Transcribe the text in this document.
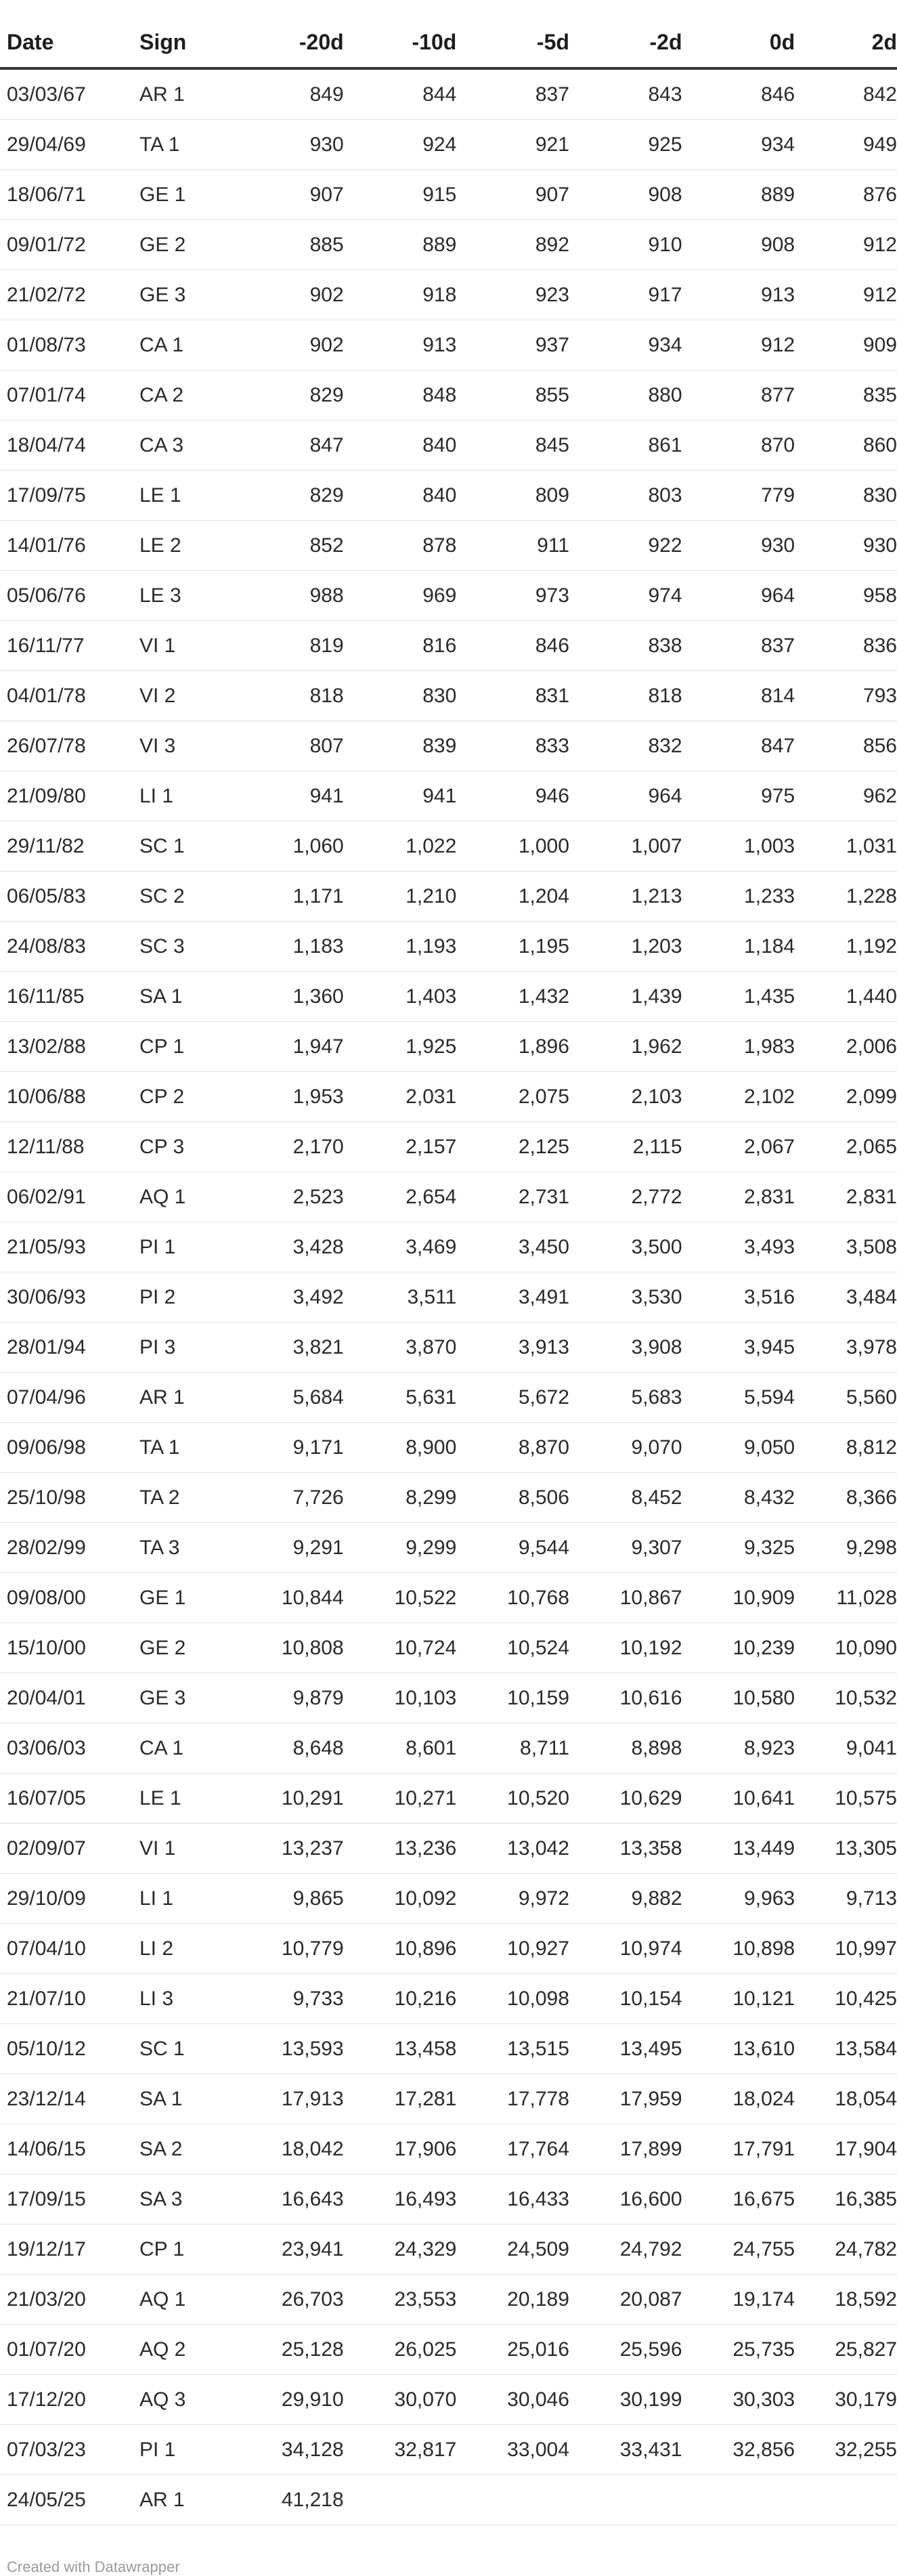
Date	Sign	-20d	-10d	-5d	-2d	0d	2d
03/03/67	AR 1	849	844	837	843	846	842
29/04/69	TA 1	930	924	921	925	934	949
18/06/71	GE 1	907	915	907	908	889	876
09/01/72	GE 2	885	889	892	910	908	912
21/02/72	GE 3	902	918	923	917	913	912
01/08/73	CA 1	902	913	937	934	912	909
07/01/74	CA 2	829	848	855	880	877	835
18/04/74	CA 3	847	840	845	861	870	860
17/09/75	LE 1	829	840	809	803	779	830
14/01/76	LE 2	852	878	911	922	930	930
05/06/76	LE 3	988	969	973	974	964	958
16/11/77	VI 1	819	816	846	838	837	836
04/01/78	VI 2	818	830	831	818	814	793
26/07/78	VI 3	807	839	833	832	847	856
21/09/80	LI 1	941	941	946	964	975	962
29/11/82	SC 1	1,060	1,022	1,000	1,007	1,003	1,031
06/05/83	SC 2	1,171	1,210	1,204	1,213	1,233	1,228
24/08/83	SC 3	1,183	1,193	1,195	1,203	1,184	1,192
16/11/85	SA 1	1,360	1,403	1,432	1,439	1,435	1,440
13/02/88	CP 1	1,947	1,925	1,896	1,962	1,983	2,006
10/06/88	CP 2	1,953	2,031	2,075	2,103	2,102	2,099
12/11/88	CP 3	2,170	2,157	2,125	2,115	2,067	2,065
06/02/91	AQ 1	2,523	2,654	2,731	2,772	2,831	2,831
21/05/93	PI 1	3,428	3,469	3,450	3,500	3,493	3,508
30/06/93	PI 2	3,492	3,511	3,491	3,530	3,516	3,484
28/01/94	PI 3	3,821	3,870	3,913	3,908	3,945	3,978
07/04/96	AR 1	5,684	5,631	5,672	5,683	5,594	5,560
09/06/98	TA 1	9,171	8,900	8,870	9,070	9,050	8,812
25/10/98	TA 2	7,726	8,299	8,506	8,452	8,432	8,366
28/02/99	TA 3	9,291	9,299	9,544	9,307	9,325	9,298
09/08/00	GE 1	10,844	10,522	10,768	10,867	10,909	11,028
15/10/00	GE 2	10,808	10,724	10,524	10,192	10,239	10,090
20/04/01	GE 3	9,879	10,103	10,159	10,616	10,580	10,532
03/06/03	CA 1	8,648	8,601	8,711	8,898	8,923	9,041
16/07/05	LE 1	10,291	10,271	10,520	10,629	10,641	10,575
02/09/07	VI 1	13,237	13,236	13,042	13,358	13,449	13,305
29/10/09	LI 1	9,865	10,092	9,972	9,882	9,963	9,713
07/04/10	LI 2	10,779	10,896	10,927	10,974	10,898	10,997
21/07/10	LI 3	9,733	10,216	10,098	10,154	10,121	10,425
05/10/12	SC 1	13,593	13,458	13,515	13,495	13,610	13,584
23/12/14	SA 1	17,913	17,281	17,778	17,959	18,024	18,054
14/06/15	SA 2	18,042	17,906	17,764	17,899	17,791	17,904
17/09/15	SA 3	16,643	16,493	16,433	16,600	16,675	16,385
19/12/17	CP 1	23,941	24,329	24,509	24,792	24,755	24,782
21/03/20	AQ 1	26,703	23,553	20,189	20,087	19,174	18,592
01/07/20	AQ 2	25,128	26,025	25,016	25,596	25,735	25,827
17/12/20	AQ 3	29,910	30,070	30,046	30,199	30,303	30,179
07/03/23	PI 1	34,128	32,817	33,004	33,431	32,856	32,255
24/05/25	AR 1	41,218					
Created with Datawrapper
